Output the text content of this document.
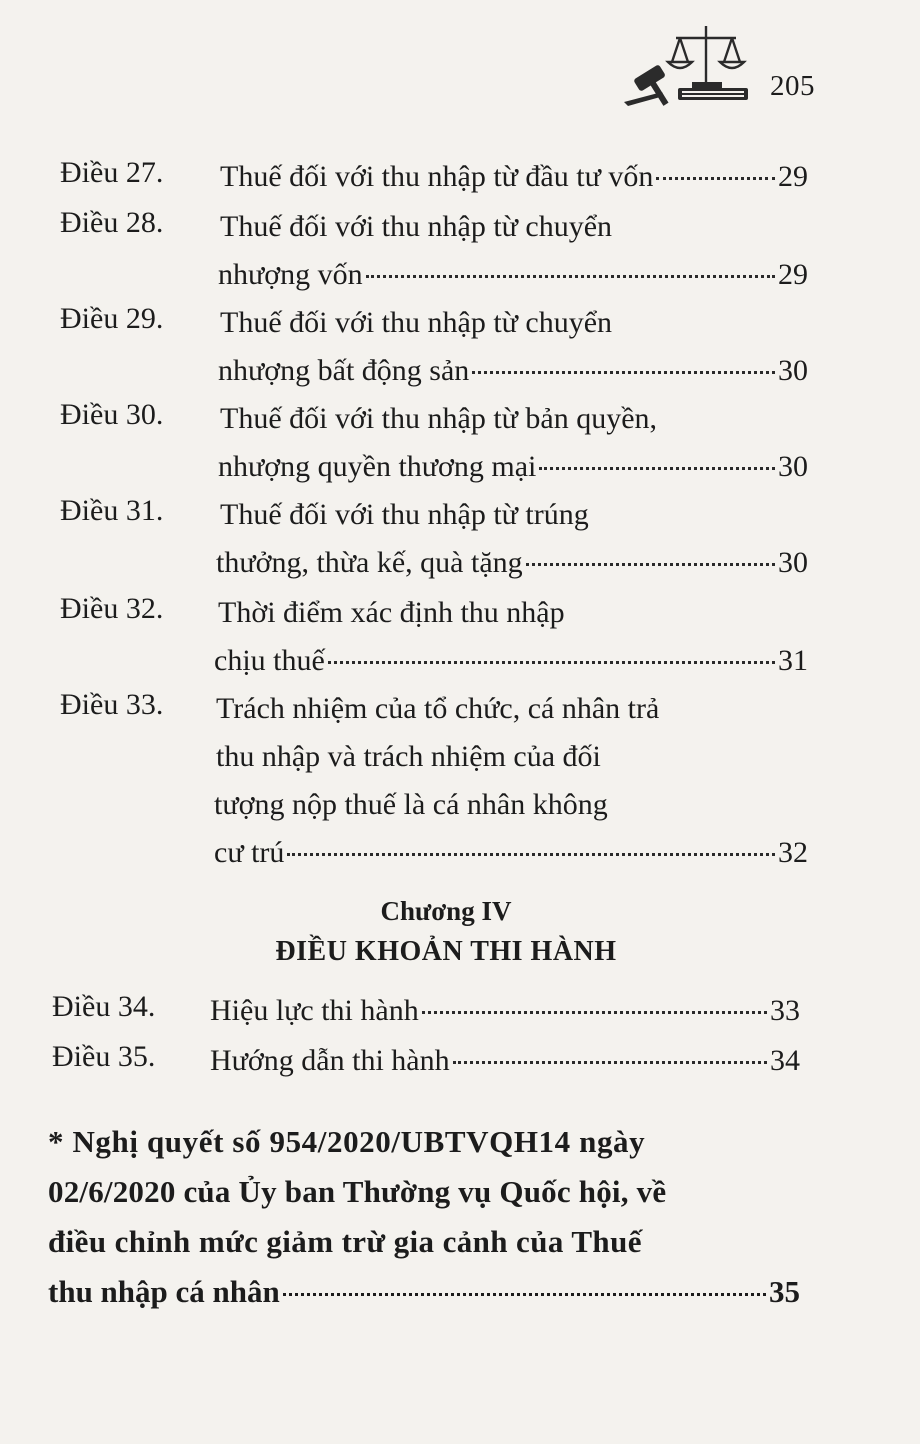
205
Điều 27. Thuế đối với thu nhập từ đầu tư vốn	29
Điều 28. Thuế đối với thu nhập từ chuyển
nhượng vốn	29
Điều 29. Thuế đối với thu nhập từ chuyển
nhượng bất động sản	30
Điều 30. Thuế đối với thu nhập từ bản quyền,
nhượng quyền thương mại	30
Điều 31. Thuế đối với thu nhập từ trúng
thưởng, thừa kế, quà tặng	30
Điều 32. Thời điểm xác định thu nhập
chịu thuế	31
Điều 33. Trách nhiệm của tổ chức, cá nhân trả
thu nhập và trách nhiệm của đối
tượng nộp thuế là cá nhân không
cư trú	32
Chương IV
ĐIỀU KHOẢN THI HÀNH
Điều 34. Hiệu lực thi hành	33
Điều 35. Hướng dẫn thi hành	34
* Nghị quyết số 954/2020/UBTVQH14 ngày
02/6/2020 của Ủy ban Thường vụ Quốc hội, về
điều chỉnh mức giảm trừ gia cảnh của Thuế
thu nhập cá nhân	35
